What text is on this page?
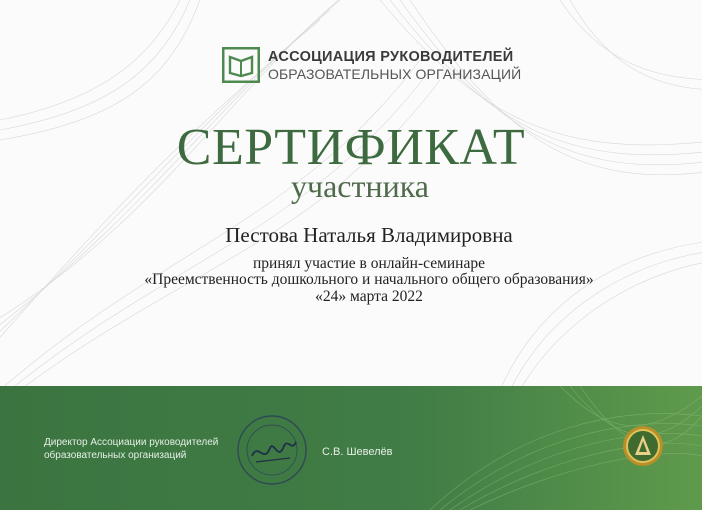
АССОЦИАЦИЯ РУКОВОДИТЕЛЕЙ
ОБРАЗОВАТЕЛЬНЫХ ОРГАНИЗАЦИЙ
СЕРТИФИКАТ
участника
Пестова Наталья Владимировна
принял участие в онлайн-семинаре
«Преемственность дошкольного и начального общего образования»
«24» марта 2022
Директор Ассоциации руководителей
образовательных организаций	С.В. Шевелёв
